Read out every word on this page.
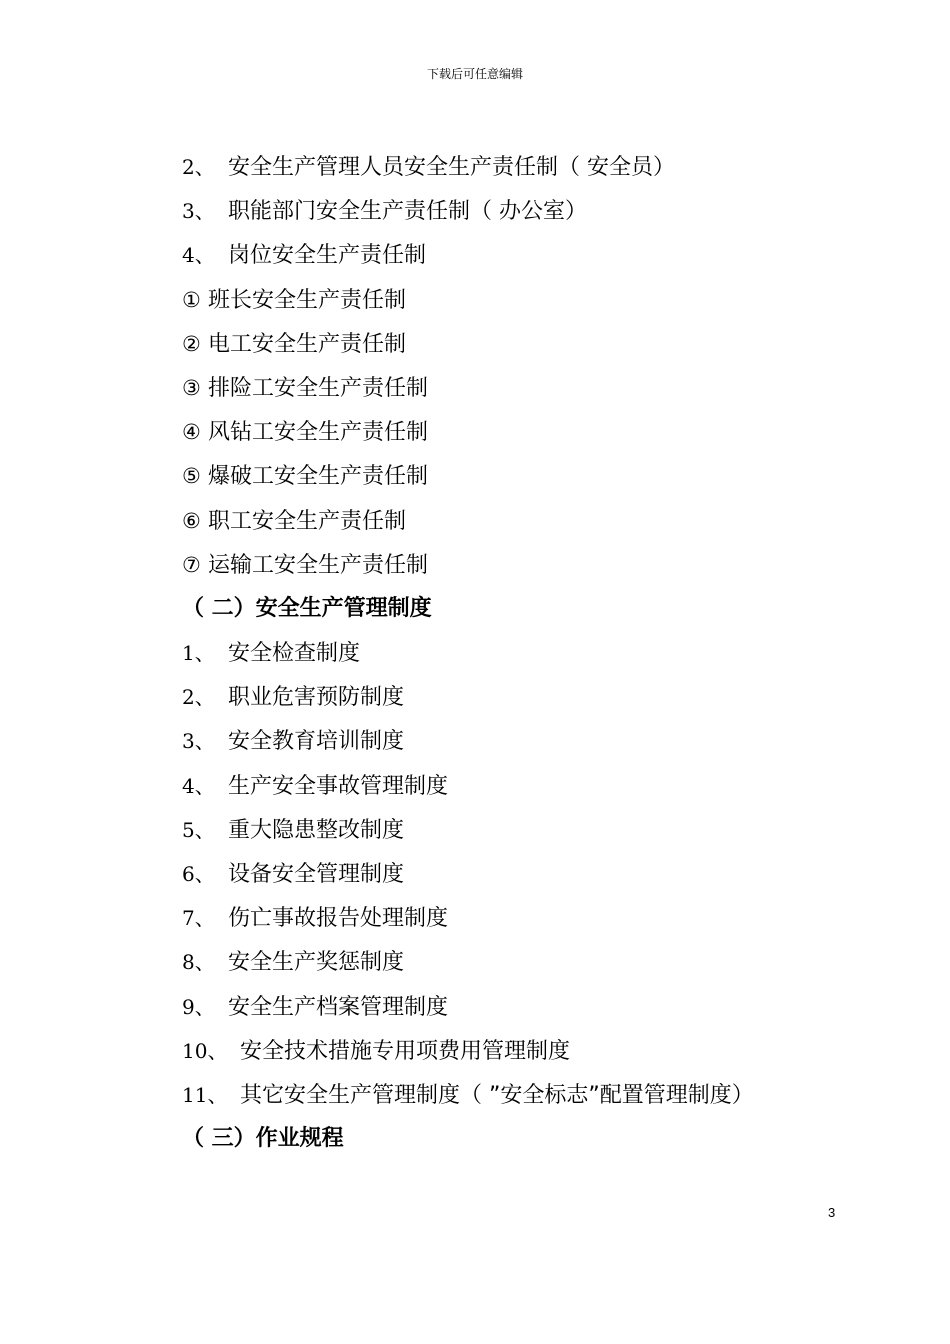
下载后可任意编辑
2、 安全生产管理人员安全生产责任制（ 安全员）
3、 职能部门安全生产责任制（ 办公室）
4、 岗位安全生产责任制
① 班长安全生产责任制
② 电工安全生产责任制
③ 排险工安全生产责任制
④ 风钻工安全生产责任制
⑤ 爆破工安全生产责任制
⑥ 职工安全生产责任制
⑦ 运输工安全生产责任制
（ 二）安全生产管理制度
1、 安全检查制度
2、 职业危害预防制度
3、 安全教育培训制度
4、 生产安全事故管理制度
5、 重大隐患整改制度
6、 设备安全管理制度
7、 伤亡事故报告处理制度
8、 安全生产奖惩制度
9、 安全生产档案管理制度
10、 安全技术措施专用项费用管理制度
11、 其它安全生产管理制度（ ”安全标志”配置管理制度）
（ 三）作业规程
3
